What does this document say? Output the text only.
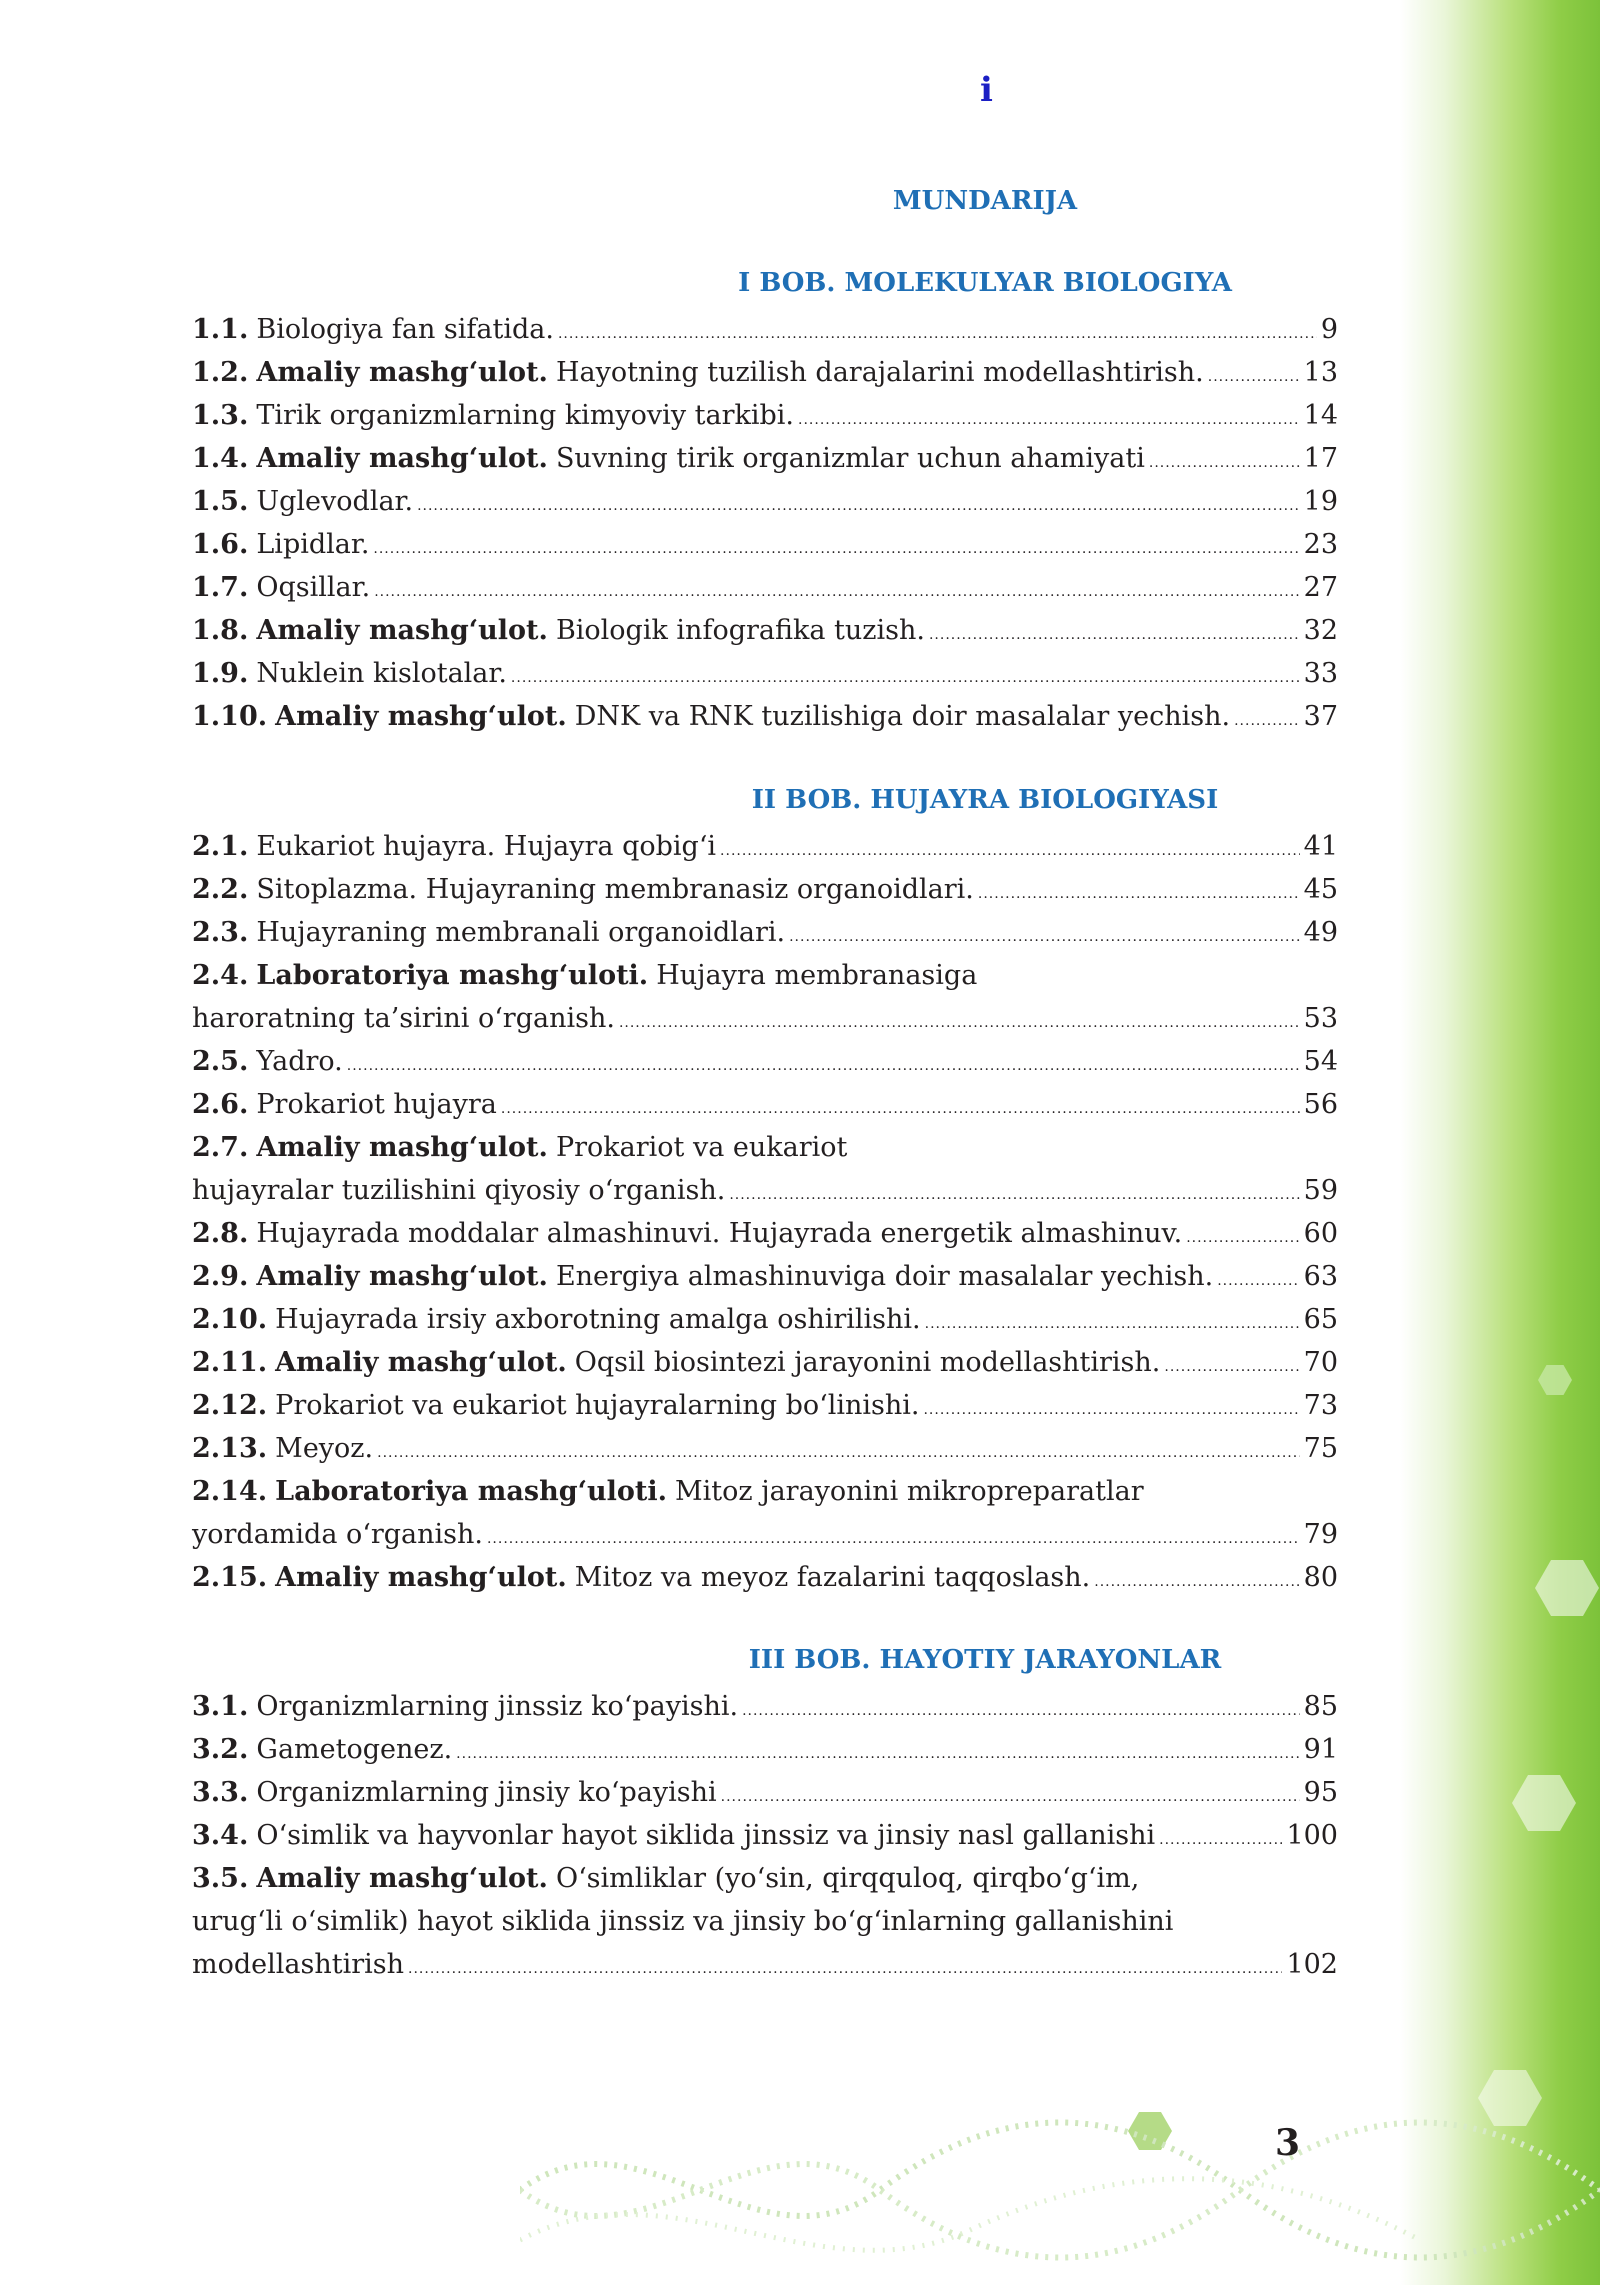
i
MUNDARIJA
I BOB. MOLEKULYAR BIOLOGIYA
1.1. Biologiya fan sifatida. .....	9
1.2. Amaliy mashg‘ulot. Hayotning tuzilish darajalarini modellashtirish. .....	13
1.3. Tirik organizmlarning kimyoviy tarkibi. .....	14
1.4. Amaliy mashg‘ulot. Suvning tirik organizmlar uchun ahamiyati .....	17
1.5. Uglevodlar. .....	19
1.6. Lipidlar. .....	23
1.7. Oqsillar. .....	27
1.8. Amaliy mashg‘ulot. Biologik infografika tuzish. .....	32
1.9. Nuklein kislotalar. .....	33
1.10. Amaliy mashg‘ulot. DNK va RNK tuzilishiga doir masalalar yechish. .....	37
II BOB. HUJAYRA BIOLOGIYASI
2.1. Eukariot hujayra. Hujayra qobig‘i .....	41
2.2. Sitoplazma. Hujayraning membranasiz organoidlari. .....	45
2.3. Hujayraning membranali organoidlari. .....	49
2.4. Laboratoriya mashg‘uloti. Hujayra membranasiga
haroratning ta’sirini o‘rganish. .....	53
2.5. Yadro. .....	54
2.6. Prokariot hujayra .....	56
2.7. Amaliy mashg‘ulot. Prokariot va eukariot
hujayralar tuzilishini qiyosiy o‘rganish. .....	59
2.8. Hujayrada moddalar almashinuvi. Hujayrada energetik almashinuv. .....	60
2.9. Amaliy mashg‘ulot. Energiya almashinuviga doir masalalar yechish. .....	63
2.10. Hujayrada irsiy axborotning amalga oshirilishi. .....	65
2.11. Amaliy mashg‘ulot. Oqsil biosintezi jarayonini modellashtirish. .....	70
2.12. Prokariot va eukariot hujayralarning bo‘linishi. .....	73
2.13. Meyoz. .....	75
2.14. Laboratoriya mashg‘uloti. Mitoz jarayonini mikropreparatlar
yordamida o‘rganish. .....	79
2.15. Amaliy mashg‘ulot. Mitoz va meyoz fazalarini taqqoslash. .....	80
III BOB. HAYOTIY JARAYONLAR
3.1. Organizmlarning jinssiz ko‘payishi. .....	85
3.2. Gametogenez. .....	91
3.3. Organizmlarning jinsiy ko‘payishi .....	95
3.4. O‘simlik va hayvonlar hayot siklida jinssiz va jinsiy nasl gallanishi .....	100
3.5. Amaliy mashg‘ulot. O‘simliklar (yo‘sin, qirqquloq, qirqbo‘g‘im,
urug‘li o‘simlik) hayot siklida jinssiz va jinsiy bo‘g‘inlarning gallanishini
modellashtirish .....	102
3
